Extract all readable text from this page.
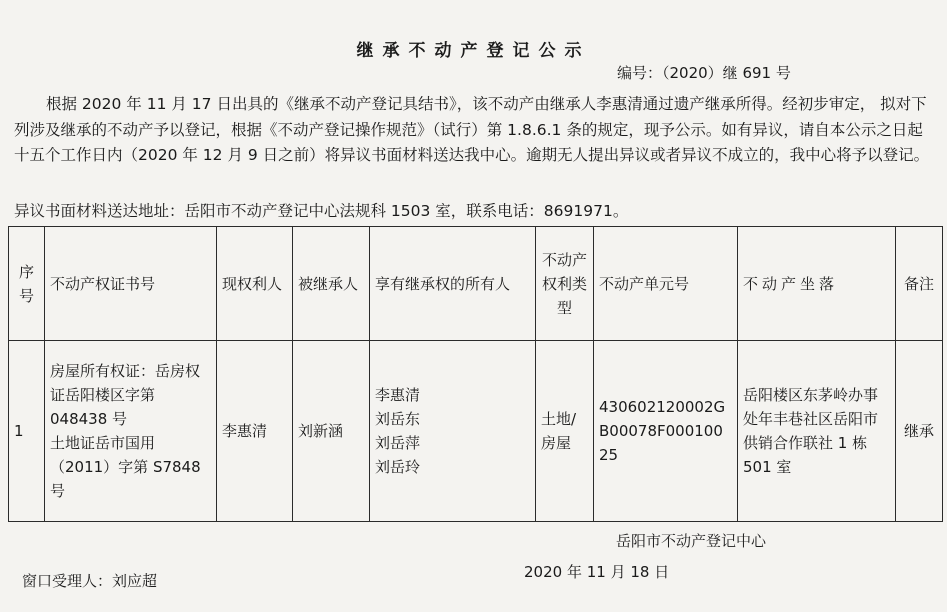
继承不动产登记公示
编号：（2020）继 691 号

根据 2020 年 11 月 17 日出具的《继承不动产登记具结书》，该不动产由继承人李惠清通过遗产继承所得。经初步审定， 拟对下列涉及继承的不动产予以登记，根据《不动产登记操作规范》（试行）第 1.8.6.1 条的规定，现予公示。如有异议，请自本公示之日起十五个工作日内（2020 年 12 月 9 日之前）将异议书面材料送达我中心。逾期无人提出异议或者异议不成立的，我中心将予以登记。

异议书面材料送达地址：岳阳市不动产登记中心法规科 1503 室，联系电话：8691971。

序号	不动产权证书号	现权利人	被继承人	享有继承权的所有人	不动产权利类型	不动产单元号	不动产坐落	备注
1	房屋所有权证：岳房权证岳阳楼区字第 048438 号
土地证岳市国用（2011）字第 S7848 号	李惠清	刘新涵	李惠清
刘岳东
刘岳萍
刘岳玲	土地/房屋	430602120002GB00078F00010025	岳阳楼区东茅岭办事处年丰巷社区岳阳市供销合作联社 1 栋 501 室	继承
岳阳市不动产登记中心
2020 年 11 月 18 日
窗口受理人：刘应超
